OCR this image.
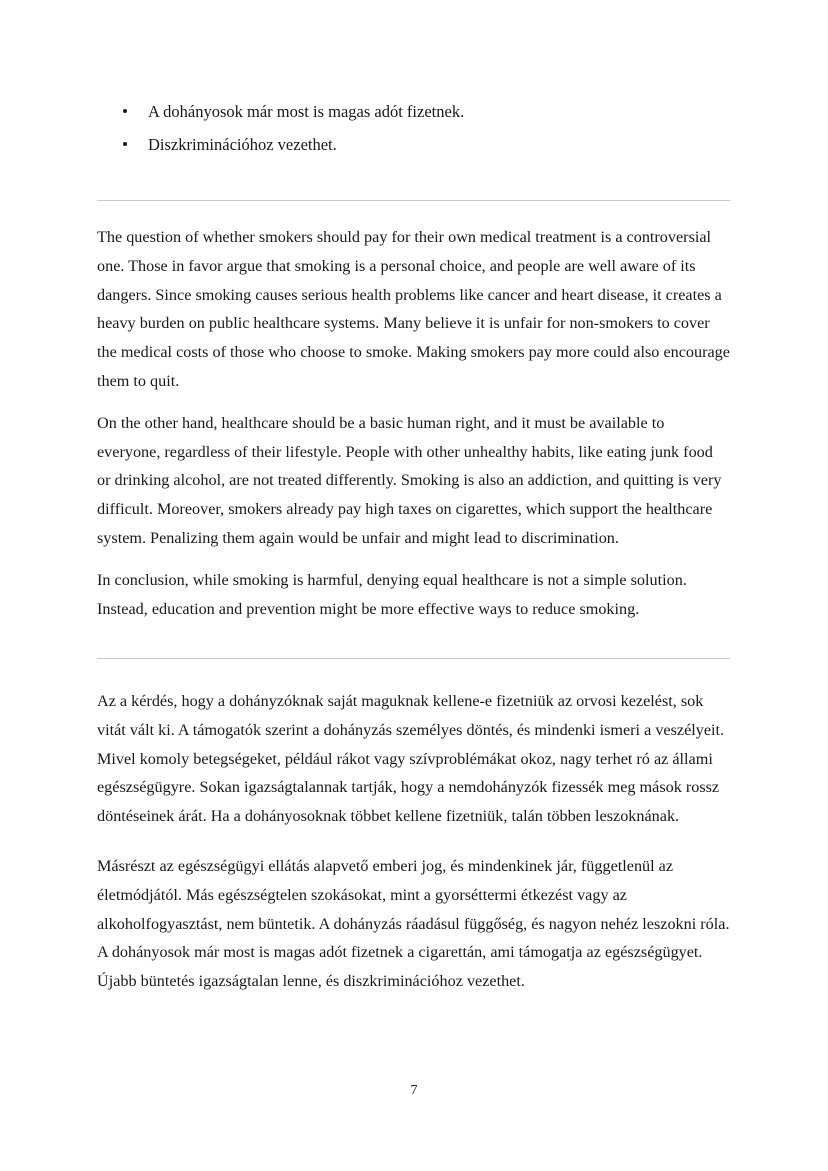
A dohányosok már most is magas adót fizetnek.
Diszkriminációhoz vezethet.

The question of whether smokers should pay for their own medical treatment is a controversial one. Those in favor argue that smoking is a personal choice, and people are well aware of its dangers. Since smoking causes serious health problems like cancer and heart disease, it creates a heavy burden on public healthcare systems. Many believe it is unfair for non-smokers to cover the medical costs of those who choose to smoke. Making smokers pay more could also encourage them to quit.

On the other hand, healthcare should be a basic human right, and it must be available to everyone, regardless of their lifestyle. People with other unhealthy habits, like eating junk food or drinking alcohol, are not treated differently. Smoking is also an addiction, and quitting is very difficult. Moreover, smokers already pay high taxes on cigarettes, which support the healthcare system. Penalizing them again would be unfair and might lead to discrimination.

In conclusion, while smoking is harmful, denying equal healthcare is not a simple solution. Instead, education and prevention might be more effective ways to reduce smoking.

Az a kérdés, hogy a dohányzóknak saját maguknak kellene-e fizetniük az orvosi kezelést, sok vitát vált ki. A támogatók szerint a dohányzás személyes döntés, és mindenki ismeri a veszélyeit. Mivel komoly betegségeket, például rákot vagy szívproblémákat okoz, nagy terhet ró az állami egészségügyre. Sokan igazságtalannak tartják, hogy a nemdohányzók fizessék meg mások rossz döntéseinek árát. Ha a dohányosoknak többet kellene fizetniük, talán többen leszoknának.

Másrészt az egészségügyi ellátás alapvető emberi jog, és mindenkinek jár, függetlenül az életmódjától. Más egészségtelen szokásokat, mint a gyorséttermi étkezést vagy az alkoholfogyasztást, nem büntetik. A dohányzás ráadásul függőség, és nagyon nehéz leszokni róla. A dohányosok már most is magas adót fizetnek a cigarettán, ami támogatja az egészségügyet. Újabb büntetés igazságtalan lenne, és diszkriminációhoz vezethet.

7
